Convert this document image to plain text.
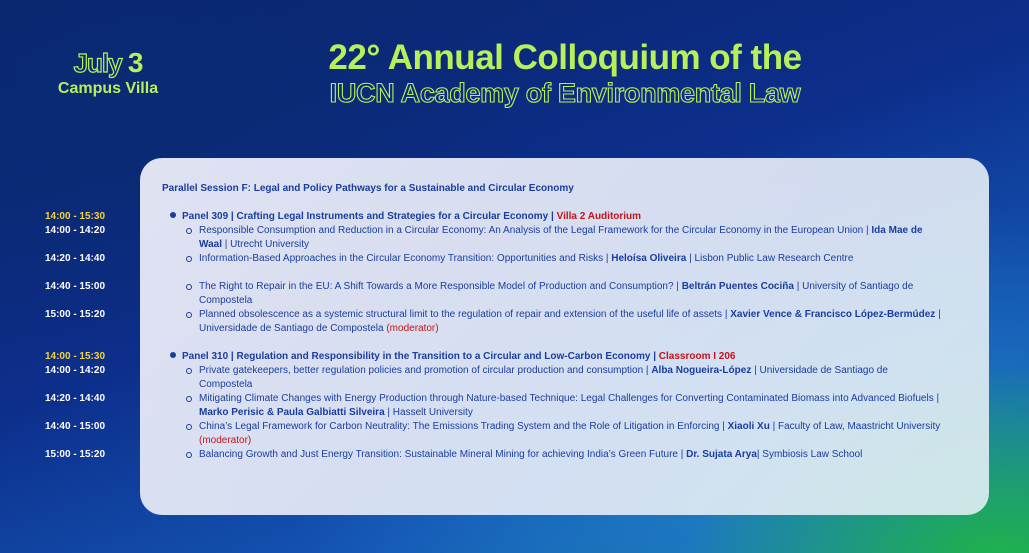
July 3
Campus Villa
22° Annual Colloquium of the
IUCN Academy of Environmental Law
Parallel Session F: Legal and Policy Pathways for a Sustainable and Circular Economy
14:00 - 15:30	Panel 309 | Crafting Legal Instruments and Strategies for a Circular Economy | Villa 2 Auditorium
14:00 - 14:20	Responsible Consumption and Reduction in a Circular Economy: An Analysis of the Legal Framework for the Circular Economy in the European Union | Ida Mae de Waal | Utrecht University
14:20 - 14:40	Information-Based Approaches in the Circular Economy Transition: Opportunities and Risks | Heloísa Oliveira | Lisbon Public Law Research Centre
14:40 - 15:00	The Right to Repair in the EU: A Shift Towards a More Responsible Model of Production and Consumption? | Beltrán Puentes Cociña | University of Santiago de Compostela
15:00 - 15:20	Planned obsolescence as a systemic structural limit to the regulation of repair and extension of the useful life of assets | Xavier Vence & Francisco López-Bermúdez | Universidade de Santiago de Compostela (moderator)
14:00 - 15:30	Panel 310 | Regulation and Responsibility in the Transition to a Circular and Low-Carbon Economy | Classroom I 206
14:00 - 14:20	Private gatekeepers, better regulation policies and promotion of circular production and consumption | Alba Nogueira-López | Universidade de Santiago de Compostela
14:20 - 14:40	Mitigating Climate Changes with Energy Production through Nature-based Technique: Legal Challenges for Converting Contaminated Biomass into Advanced Biofuels | Marko Perisic & Paula Galbiatti Silveira | Hasselt University
14:40 - 15:00	China’s Legal Framework for Carbon Neutrality: The Emissions Trading System and the Role of Litigation in Enforcing | Xiaoli Xu | Faculty of Law, Maastricht University (moderator)
15:00 - 15:20	Balancing Growth and Just Energy Transition: Sustainable Mineral Mining for achieving India’s Green Future | Dr. Sujata Arya| Symbiosis Law School
